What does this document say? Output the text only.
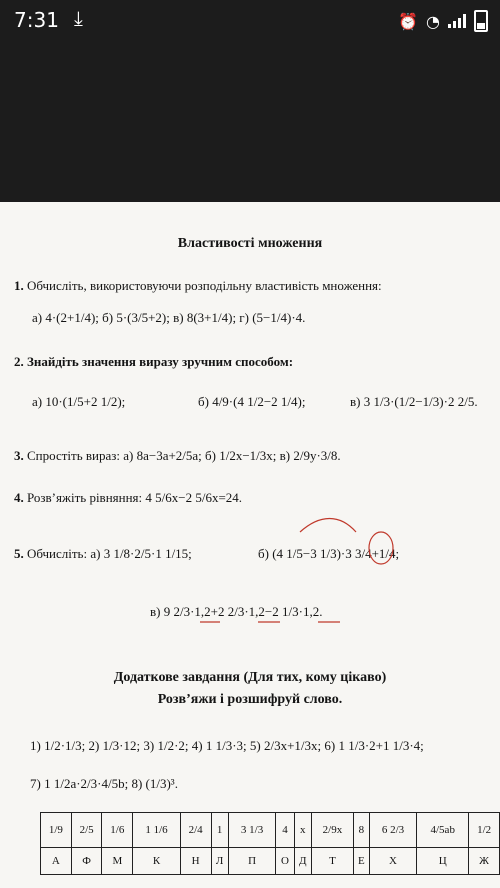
7:31 ⤓	⏰ ◔
Властивості множення
1. Обчисліть, використовуючи розподільну властивість множення:
а) 4·(2+1/4); б) 5·(3/5+2); в) 8(3+1/4); г) (5−1/4)·4.
2. Знайдіть значення виразу зручним способом:
а) 10·(1/5+2 1/2);	б) 4/9·(4 1/2−2 1/4);	в) 3 1/3·(1/2−1/3)·2 2/5.
3. Спростіть вираз: а) 8a−3a+2/5a; б) 1/2x−1/3x; в) 2/9y·3/8.
4. Розв’яжіть рівняння: 4 5/6x−2 5/6x=24.
5. Обчисліть: а) 3 1/8·2/5·1 1/15;	б) (4 1/5−3 1/3)·3 3/4+1/4;
в) 9 2/3·1,2+2 2/3·1,2−2 1/3·1,2.
Додаткове завдання (Для тих, кому цікаво)
Розв’яжи і розшифруй слово.
1) 1/2·1/3; 2) 1/3·12; 3) 1/2·2; 4) 1 1/3·3; 5) 2/3x+1/3x; 6) 1 1/3·2+1 1/3·4;
7) 1 1/2a·2/3·4/5b; 8) (1/3)³.
1/9	2/5	1/6	1 1/6	2/4	1	3 1/3	4	x	2/9x	8	6 2/3	4/5ab	1/2
А	Ф	М	К	Н	Л	П	О	Д	Т	Е	Х	Ц	Ж
